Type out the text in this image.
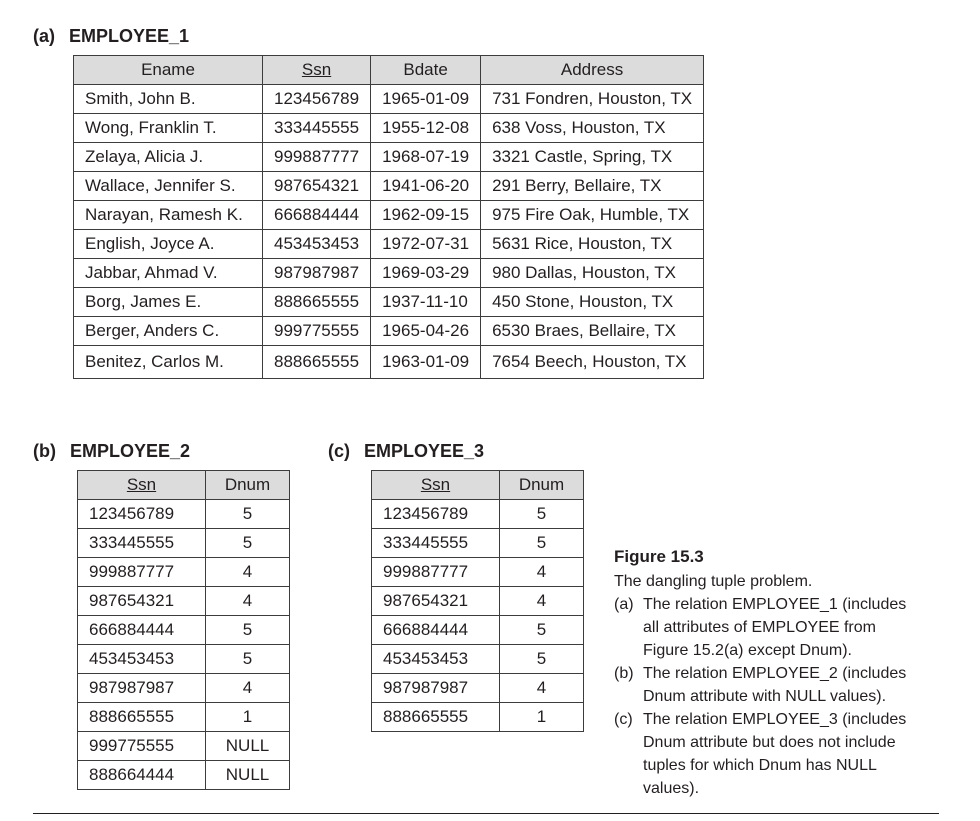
(a) EMPLOYEE_1
Ename	Ssn	Bdate	Address
Smith, John B.	123456789	1965-01-09	731 Fondren, Houston, TX
Wong, Franklin T.	333445555	1955-12-08	638 Voss, Houston, TX
Zelaya, Alicia J.	999887777	1968-07-19	3321 Castle, Spring, TX
Wallace, Jennifer S.	987654321	1941-06-20	291 Berry, Bellaire, TX
Narayan, Ramesh K.	666884444	1962-09-15	975 Fire Oak, Humble, TX
English, Joyce A.	453453453	1972-07-31	5631 Rice, Houston, TX
Jabbar, Ahmad V.	987987987	1969-03-29	980 Dallas, Houston, TX
Borg, James E.	888665555	1937-11-10	450 Stone, Houston, TX
Berger, Anders C.	999775555	1965-04-26	6530 Braes, Bellaire, TX
Benitez, Carlos M.	888665555	1963-01-09	7654 Beech, Houston, TX
(b) EMPLOYEE_2
Ssn	Dnum
123456789	5
333445555	5
999887777	4
987654321	4
666884444	5
453453453	5
987987987	4
888665555	1
999775555	NULL
888664444	NULL
(c) EMPLOYEE_3
Ssn	Dnum
123456789	5
333445555	5
999887777	4
987654321	4
666884444	5
453453453	5
987987987	4
888665555	1
Figure 15.3
The dangling tuple problem.
(a) The relation EMPLOYEE_1 (includes
all attributes of EMPLOYEE from
Figure 15.2(a) except Dnum).
(b) The relation EMPLOYEE_2 (includes
Dnum attribute with NULL values).
(c) The relation EMPLOYEE_3 (includes
Dnum attribute but does not include
tuples for which Dnum has NULL
values).
